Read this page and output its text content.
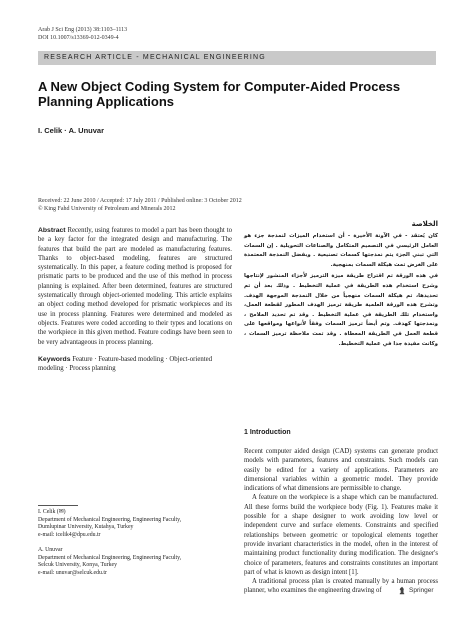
Arab J Sci Eng (2013) 38:1103–1113
DOI 10.1007/s13369-012-0349-4
RESEARCH ARTICLE - MECHANICAL ENGINEERING
A New Object Coding System for Computer-Aided Process Planning Applications
I. Celik · A. Unuvar
Received: 22 June 2010 / Accepted: 17 July 2011 / Published online: 3 October 2012
© King Fahd University of Petroleum and Minerals 2012
Abstract Recently, using features to model a part has been thought to be a key factor for the integrated design and manufacturing. The features that build the part are modeled as manufacturing features. Thanks to object-based modeling, features are structured systematically. In this paper, a feature coding method is proposed for prismatic parts to be produced and the use of this method in process planning is explained. After been determined, features are structured systematically through object-oriented modeling. This article explains an object coding method developed for prismatic workpieces and its use in process planning. Features were determined and modeled as objects. Features were coded according to their types and locations on the workpiece in this given method. Feature codings have been seen to be very advantageous in process planning.
Keywords Feature · Feature-based modeling · Object-oriented modeling · Process planning
الخلاصة

كان يُعتقد - في الآونة الأخيرة - أن استخدام الميزات لنمذجة جزء هو العامل الرئيسي في التصميم المتكامل والصناعات التحويلية . إن السمات التي تبني الجزء يتم نمذجتها كسمات تصنيعية . وبفضل النمذجة المعتمدة على الغرض تمت هيكلة السمات بمنهجية.

في هذه الورقة تم اقتراح طريقة ميزة الترميز لأجزاء المنشور لإنتاجها وشرح استخدام هذه الطريقة في عملية التخطيط . وذلك بعد أن تم تحديدها، تم هيكلة السمات منهجياً من خلال النمذجة الموجهة الهدف. وتشرح هذه الورقة العلمية طريقة ترميز الهدف المطور لقطعة العمل، واستخدام تلك الطريقة في عملية التخطيط . وقد تم تحديد الملامح ، ونمذجتها كهدف. وتم أيضاً ترميز السمات وفقاً لأنواعها ومواقعها على قطعة العمل في الطريقة المعطاة . وقد تمت ملاحظة ترميز السمات ، وكانت مفيدة جدا في عملية التخطيط.

1 Introduction

Recent computer aided design (CAD) systems can generate product models with parameters, features and constraints. Such models can easily be edited for a variety of applications. Parameters are dimensional variables within a geometric model. They provide indications of what dimensions are permissible to change.

A feature on the workpiece is a shape which can be manufactured. All these forms build the workpiece body (Fig. 1). Features make it possible for a shape designer to work avoiding low level or independent curve and surface elements. Constraints and specified relationships between geometric or topological elements together provide invariant characteristics in the model, often in the interest of maintaining product functionality during modification. The designer's choice of parameters, features and constraints constitutes an important part of what is known as design intent [1].

A traditional process plan is created manually by a human process planner, who examines the engineering drawing of

I. Celik (✉)
Department of Mechanical Engineering, Engineering Faculty,
Dumlupinar University, Kutahya, Turkey
e-mail: icelik4@dpu.edu.tr
A. Unuvar
Department of Mechanical Engineering, Engineering Faculty,
Selcuk University, Konya, Turkey
e-mail: unuvar@selcuk.edu.tr
Springer
